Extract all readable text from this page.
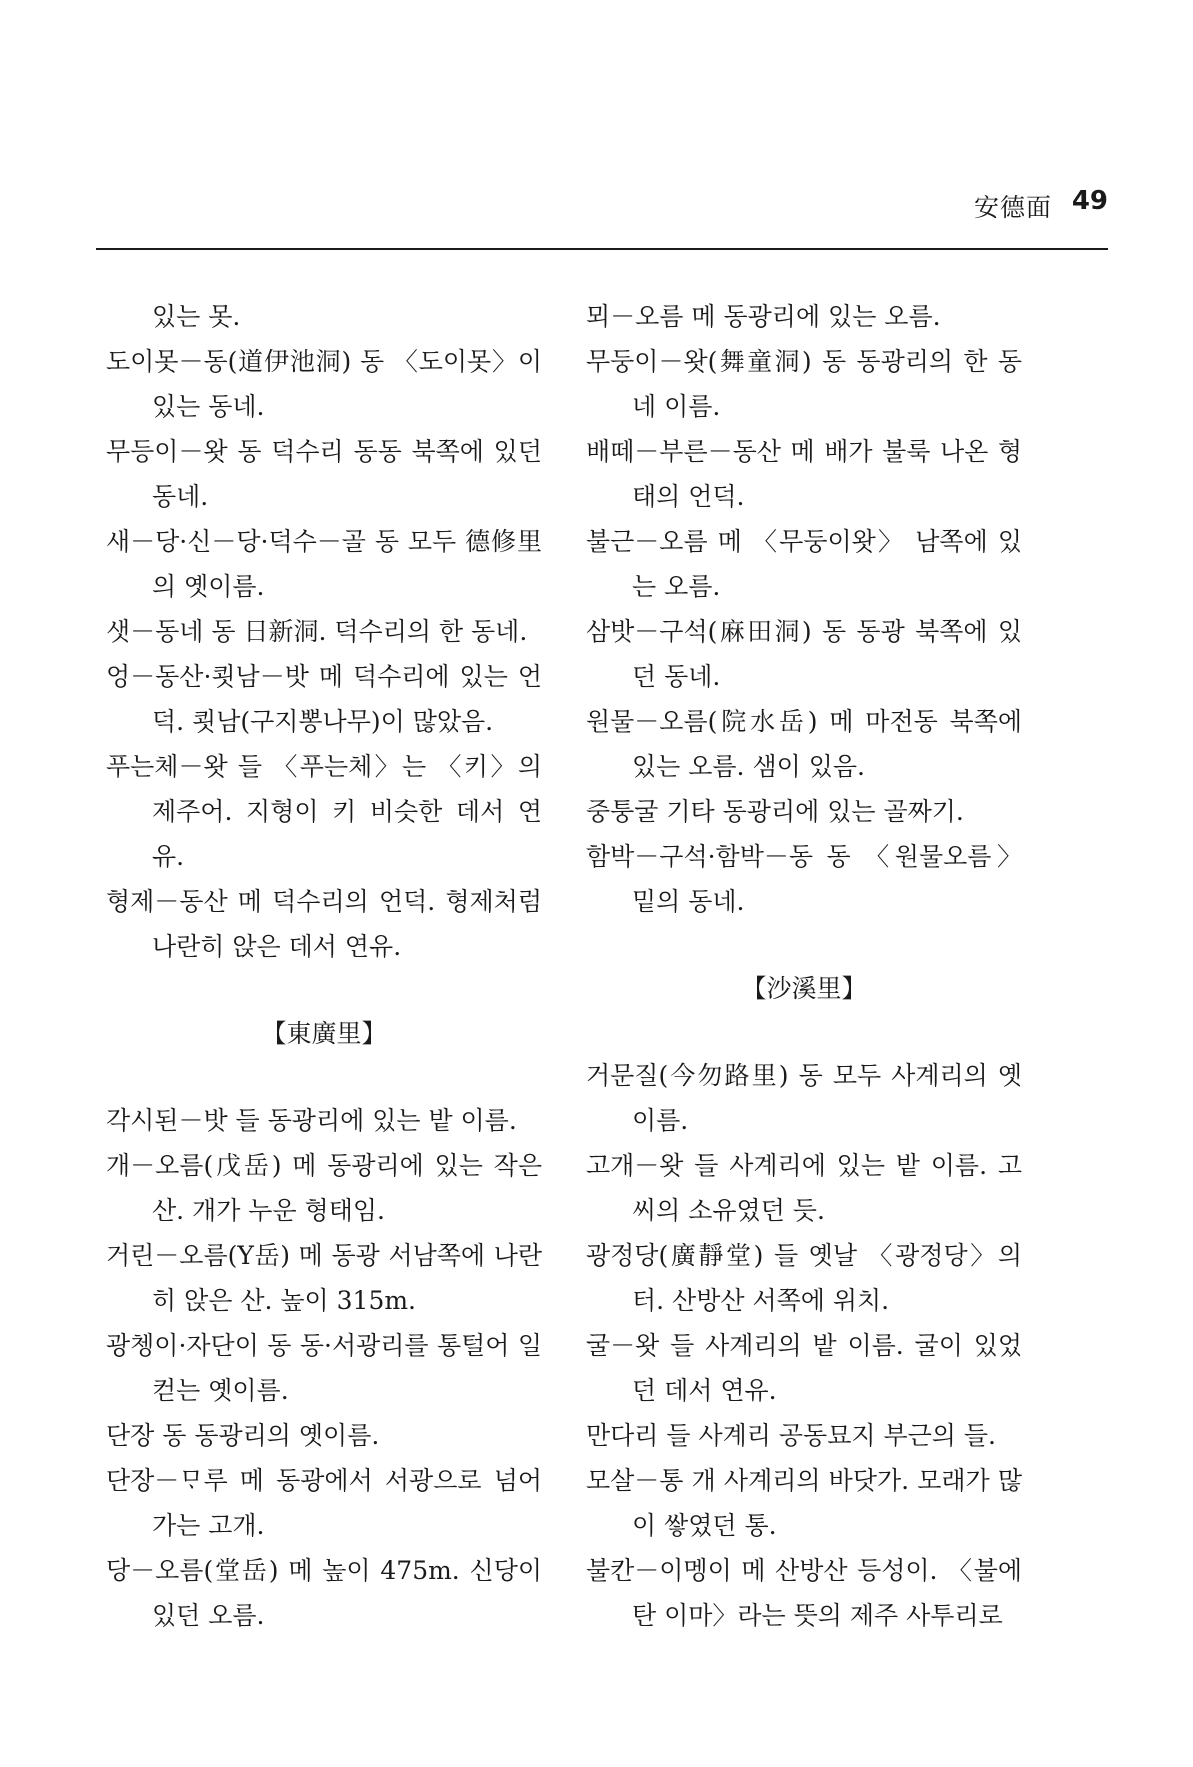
安德面 49

있는 못.

도이못－동(道伊池洞) 동 〈도이못〉이 있는 동네.

무등이－왓 동 덕수리 동동 북쪽에 있던 동네.

새－당·신－당·덕수－골 동 모두 德修里의 옛이름.

샛－동네 동 日新洞. 덕수리의 한 동네.

엉－동산·쾻남－밧 메 덕수리에 있는 언덕. 쾻남(구지뽕나무)이 많았음.

푸는체－왓 들 〈푸는체〉는 〈키〉의 제주어. 지형이 키 비슷한 데서 연유.

형제－동산 메 덕수리의 언덕. 형제처럼 나란히 앉은 데서 연유.

【東廣里】

각시된－밧 들 동광리에 있는 밭 이름.

개－오름(戊岳) 메 동광리에 있는 작은 산. 개가 누운 형태임.

거린－오름(Y岳) 메 동광 서남쪽에 나란히 앉은 산. 높이 315m.

광쳉이·자단이 동 동·서광리를 통털어 일컫는 옛이름.

단장 동 동광리의 옛이름.

단장－ᄆᆞ루 메 동광에서 서광으로 넘어가는 고개.

당－오름(堂岳) 메 높이 475m. 신당이 있던 오름.

뫼－오름 메 동광리에 있는 오름.

무둥이－왓(舞童洞) 동 동광리의 한 동네 이름.

배떼－부른－동산 메 배가 불룩 나온 형태의 언덕.

불근－오름 메 〈무둥이왓〉 남쪽에 있는 오름.

삼밧－구석(麻田洞) 동 동광 북쪽에 있던 동네.

원물－오름(院水岳) 메 마전동 북쪽에 있는 오름. 샘이 있음.

중퉁굴 기타 동광리에 있는 골짜기.

함박－구석·함박－동 동 〈원물오름〉 밑의 동네.

【沙溪里】

거문질(今勿路里) 동 모두 사계리의 옛이름.

고개－왓 들 사계리에 있는 밭 이름. 고씨의 소유였던 듯.

광정당(廣靜堂) 들 옛날 〈광정당〉의 터. 산방산 서쪽에 위치.

굴－왓 들 사계리의 밭 이름. 굴이 있었던 데서 연유.

만다리 들 사계리 공동묘지 부근의 들.

모살－통 개 사계리의 바닷가. 모래가 많이 쌓였던 통.

불칸－이멩이 메 산방산 등성이. 〈불에 탄 이마〉라는 뜻의 제주 사투리로
